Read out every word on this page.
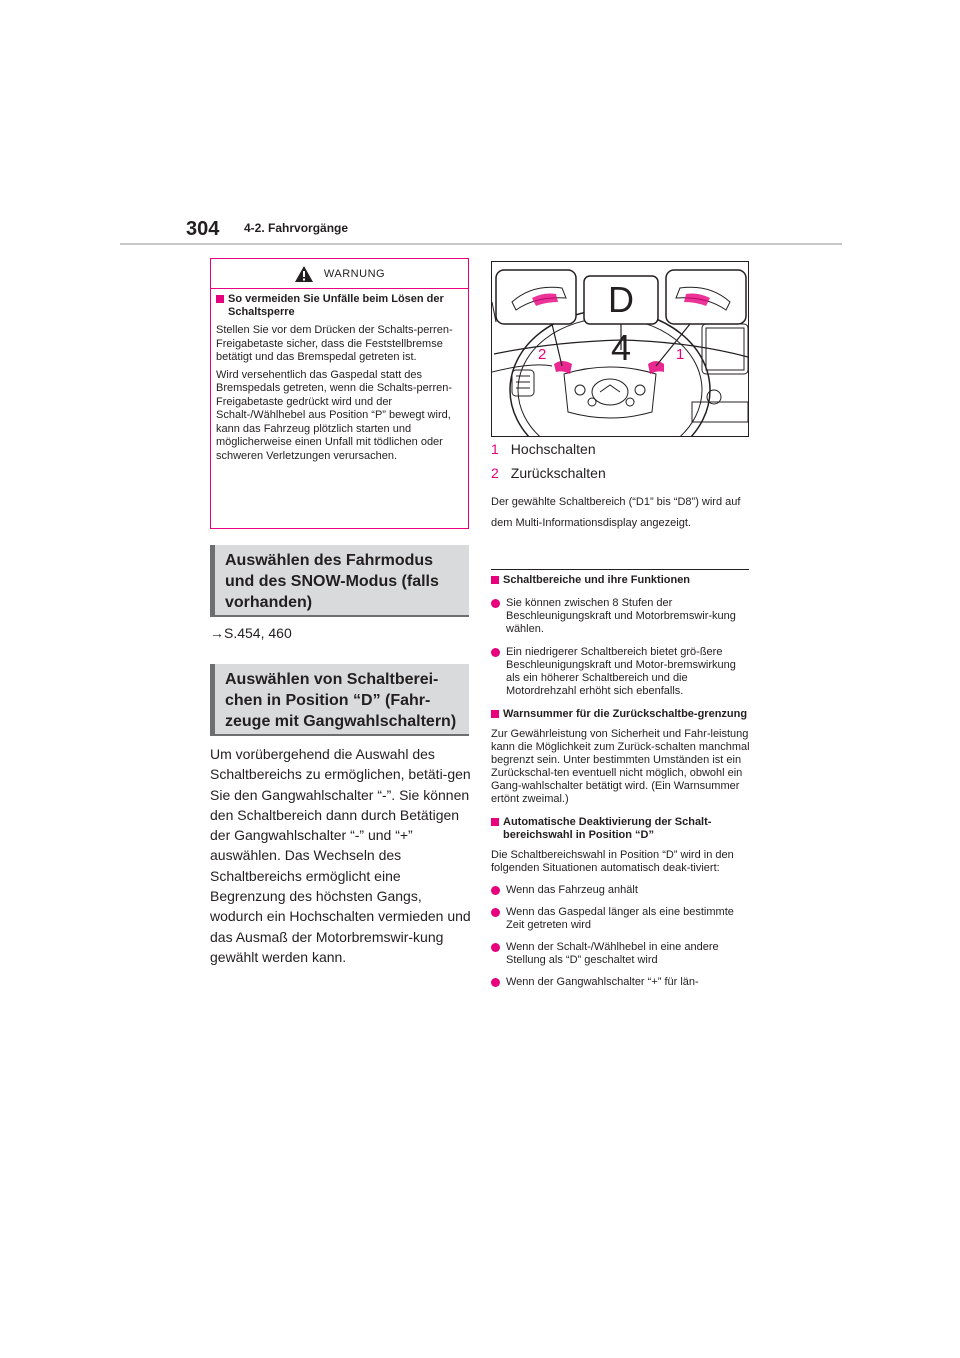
304 4-2. Fahrvorgänge
WARNUNG
So vermeiden Sie Unfälle beim Lösen der Schaltsperre

Stellen Sie vor dem Drücken der Schalts-perren-Freigabetaste sicher, dass die Feststellbremse betätigt und das Bremspedal getreten ist.

Wird versehentlich das Gaspedal statt des Bremspedals getreten, wenn die Schalts-perren-Freigabetaste gedrückt wird und der Schalt-/Wählhebel aus Position “P” bewegt wird, kann das Fahrzeug plötzlich starten und möglicherweise einen Unfall mit tödlichen oder schweren Verletzungen verursachen.

Auswählen des Fahrmodus und des SNOW-Modus (falls vorhanden)
→S.454, 460
Auswählen von Schaltberei-chen in Position “D” (Fahr-zeuge mit Gangwahlschaltern)

Um vorübergehend die Auswahl des Schaltbereichs zu ermöglichen, betäti-gen Sie den Gangwahlschalter “-”. Sie können den Schaltbereich dann durch Betätigen der Gangwahlschalter “-” und “+” auswählen. Das Wechseln des Schaltbereichs ermöglicht eine Begrenzung des höchsten Gangs, wodurch ein Hochschalten vermieden und das Ausmaß der Motorbremswir-kung gewählt werden kann.

D 4
2	1
1 Hochschalten
2 Zurückschalten

Der gewählte Schaltbereich (“D1” bis “D8”) wird auf dem Multi-Informationsdisplay angezeigt.

Schaltbereiche und ihre Funktionen
Sie können zwischen 8 Stufen der Beschleunigungskraft und Motorbremswir-kung wählen.
Ein niedrigerer Schaltbereich bietet grö-ßere Beschleunigungskraft und Motor-bremswirkung als ein höherer Schaltbereich und die Motordrehzahl erhöht sich ebenfalls.
Warnsummer für die Zurückschaltbe-grenzung

Zur Gewährleistung von Sicherheit und Fahr-leistung kann die Möglichkeit zum Zurück-schalten manchmal begrenzt sein. Unter bestimmten Umständen ist ein Zurückschal-ten eventuell nicht möglich, obwohl ein Gang-wahlschalter betätigt wird. (Ein Warnsummer ertönt zweimal.)

Automatische Deaktivierung der Schalt-bereichswahl in Position “D”

Die Schaltbereichswahl in Position “D” wird in den folgenden Situationen automatisch deak-tiviert:

Wenn das Fahrzeug anhält
Wenn das Gaspedal länger als eine bestimmte Zeit getreten wird
Wenn der Schalt-/Wählhebel in eine andere Stellung als “D” geschaltet wird
Wenn der Gangwahlschalter “+” für län-
